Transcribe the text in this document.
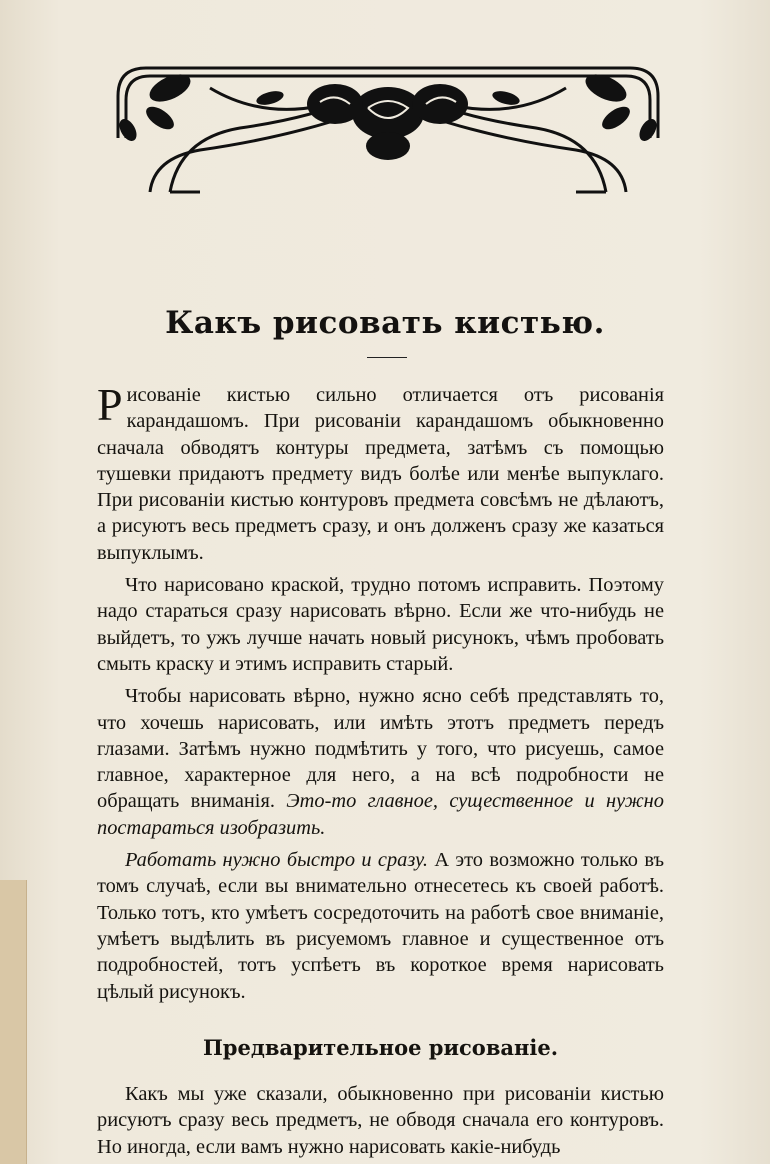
Какъ рисовать кистью.

Рисованіе кистью сильно отличается отъ рисованія карандашомъ. При рисованіи карандашомъ обыкновенно сначала обводятъ контуры предмета, затѣмъ съ помощью тушевки придаютъ предмету видъ болѣе или менѣе выпуклаго. При рисованіи кистью контуровъ предмета совсѣмъ не дѣлаютъ, а рисуютъ весь предметъ сразу, и онъ долженъ сразу же казаться выпуклымъ.

Что нарисовано краской, трудно потомъ исправить. Поэтому надо стараться сразу нарисовать вѣрно. Если же что-нибудь не выйдетъ, то ужъ лучше начать новый рисунокъ, чѣмъ пробовать смыть краску и этимъ исправить старый.

Чтобы нарисовать вѣрно, нужно ясно себѣ представлять то, что хочешь нарисовать, или имѣть этотъ предметъ передъ глазами. Затѣмъ нужно подмѣтить у того, что рисуешь, самое главное, характерное для него, а на всѣ подробности не обращать вниманія. Это-то главное, существенное и нужно постараться изобразить.

Работать нужно быстро и сразу. А это возможно только въ томъ случаѣ, если вы внимательно отнесетесь къ своей работѣ. Только тотъ, кто умѣетъ сосредоточить на работѣ свое вниманіе, умѣетъ выдѣлить въ рисуемомъ главное и существенное отъ подробностей, тотъ успѣетъ въ короткое время нарисовать цѣлый рисунокъ.

Предварительное рисованіе.

Какъ мы уже сказали, обыкновенно при рисованіи кистью рисуютъ сразу весь предметъ, не обводя сначала его контуровъ. Но иногда, если вамъ нужно нарисовать какіе-нибудь
